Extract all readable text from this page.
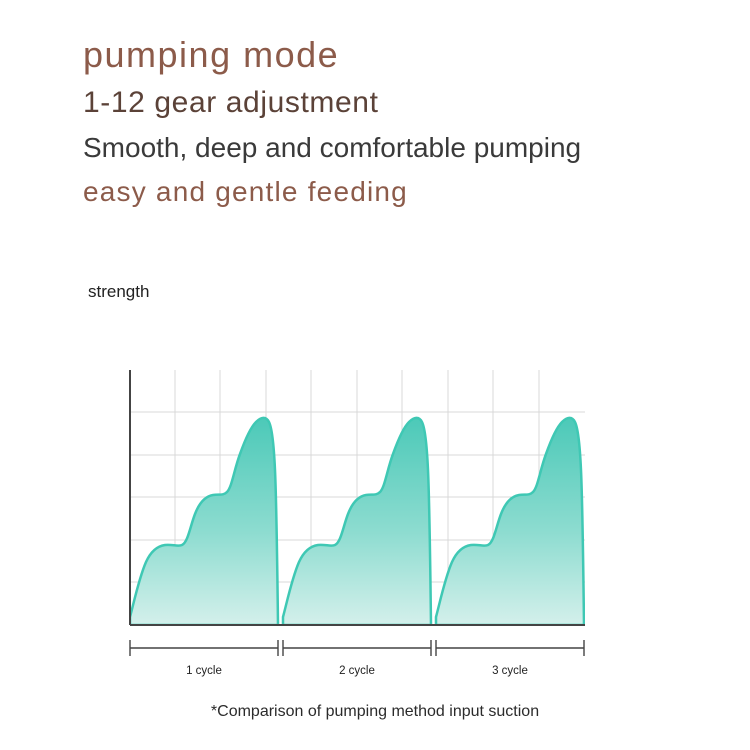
pumping mode
1-12 gear adjustment
Smooth, deep and comfortable pumping
easy and gentle feeding
strength
1 cycle	2 cycle	3 cycle
*Comparison of pumping method input suction
